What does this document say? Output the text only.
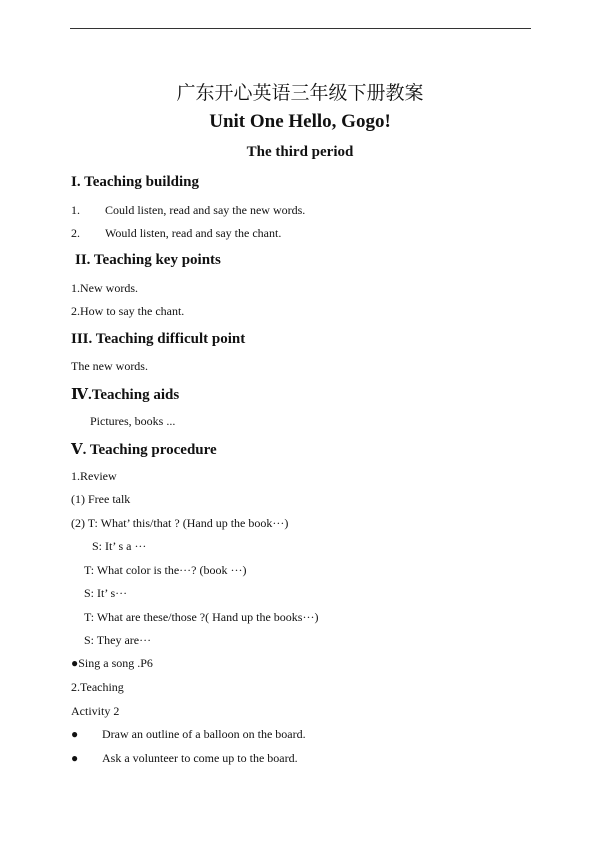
广东开心英语三年级下册教案
Unit One Hello, Gogo!
The third period
I. Teaching building
1. Could listen, read and say the new words.
2. Would listen, read and say the chant.
II. Teaching key points
1.New words.
2.How to say the chant.
III. Teaching difficult point
The new words.
Ⅳ.Teaching aids
Pictures, books ...
Ⅴ. Teaching procedure
1.Review
(1) Free talk
(2) T: What’ this/that ? (Hand up the book···)
S: It’ s a ···
T: What color is the···? (book ···)
S: It’ s···
T: What are these/those ?( Hand up the books···)
S: They are···
●Sing a song .P6
2.Teaching
Activity 2
● Draw an outline of a balloon on the board.
● Ask a volunteer to come up to the board.
